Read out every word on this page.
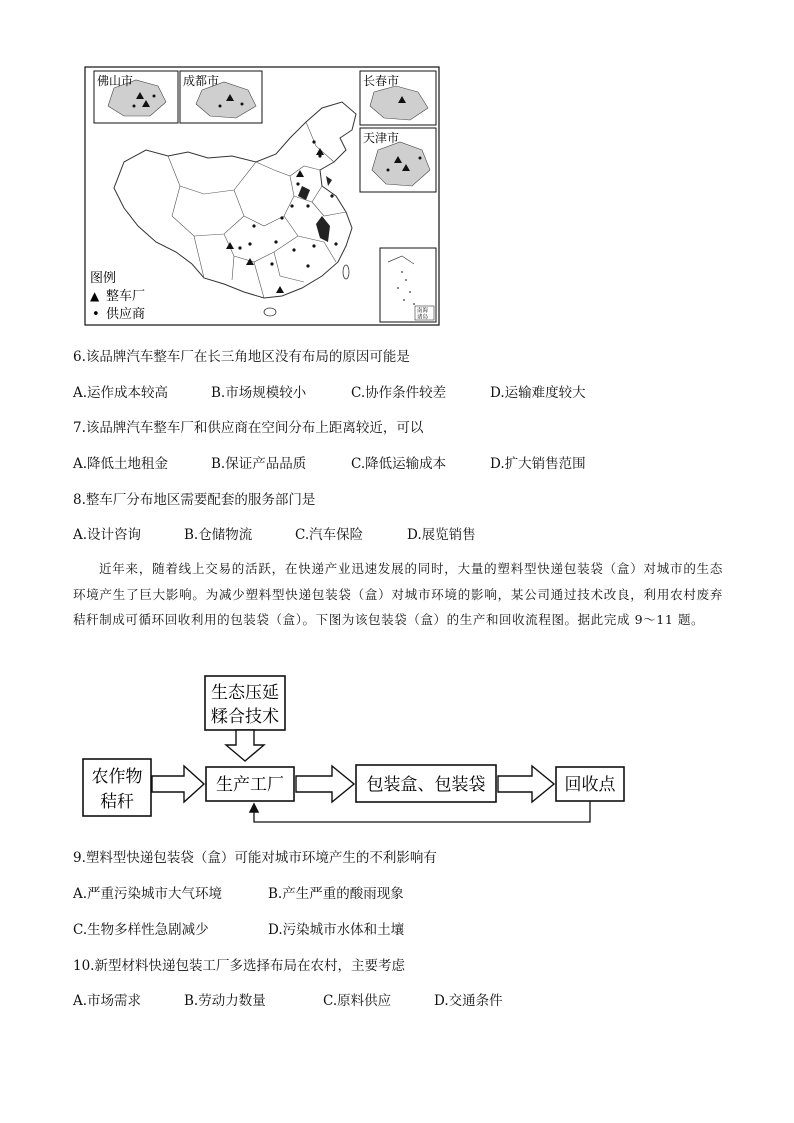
佛山市	成都市	长春市
天津市
南海
诸岛
图例
▲ 整车厂
• 供应商
6.该品牌汽车整车厂在长三角地区没有布局的原因可能是
A.运作成本较高	B.市场规模较小	C.协作条件较差	D.运输难度较大
7.该品牌汽车整车厂和供应商在空间分布上距离较近，可以
A.降低土地租金	B.保证产品品质	C.降低运输成本	D.扩大销售范围
8.整车厂分布地区需要配套的服务部门是
A.设计咨询	B.仓储物流	C.汽车保险	D.展览销售
近年来，随着线上交易的活跃，在快递产业迅速发展的同时，大量的塑料型快递包装袋（盒）对城市的生态环境产生了巨大影响。为减少塑料型快递包装袋（盒）对城市环境的影响，某公司通过技术改良，利用农村废弃秸秆制成可循环回收利用的包装袋（盒）。下图为该包装袋（盒）的生产和回收流程图。据此完成 9～11 题。
生态压延
糅合技术
农作物
秸秆
生产工厂	包装盒、包装袋	回收点
9.塑料型快递包装袋（盒）可能对城市环境产生的不利影响有
A.严重污染城市大气环境	B.产生严重的酸雨现象
C.生物多样性急剧减少	D.污染城市水体和土壤
10.新型材料快递包装工厂多选择布局在农村，主要考虑
A.市场需求	B.劳动力数量	C.原料供应	D.交通条件
